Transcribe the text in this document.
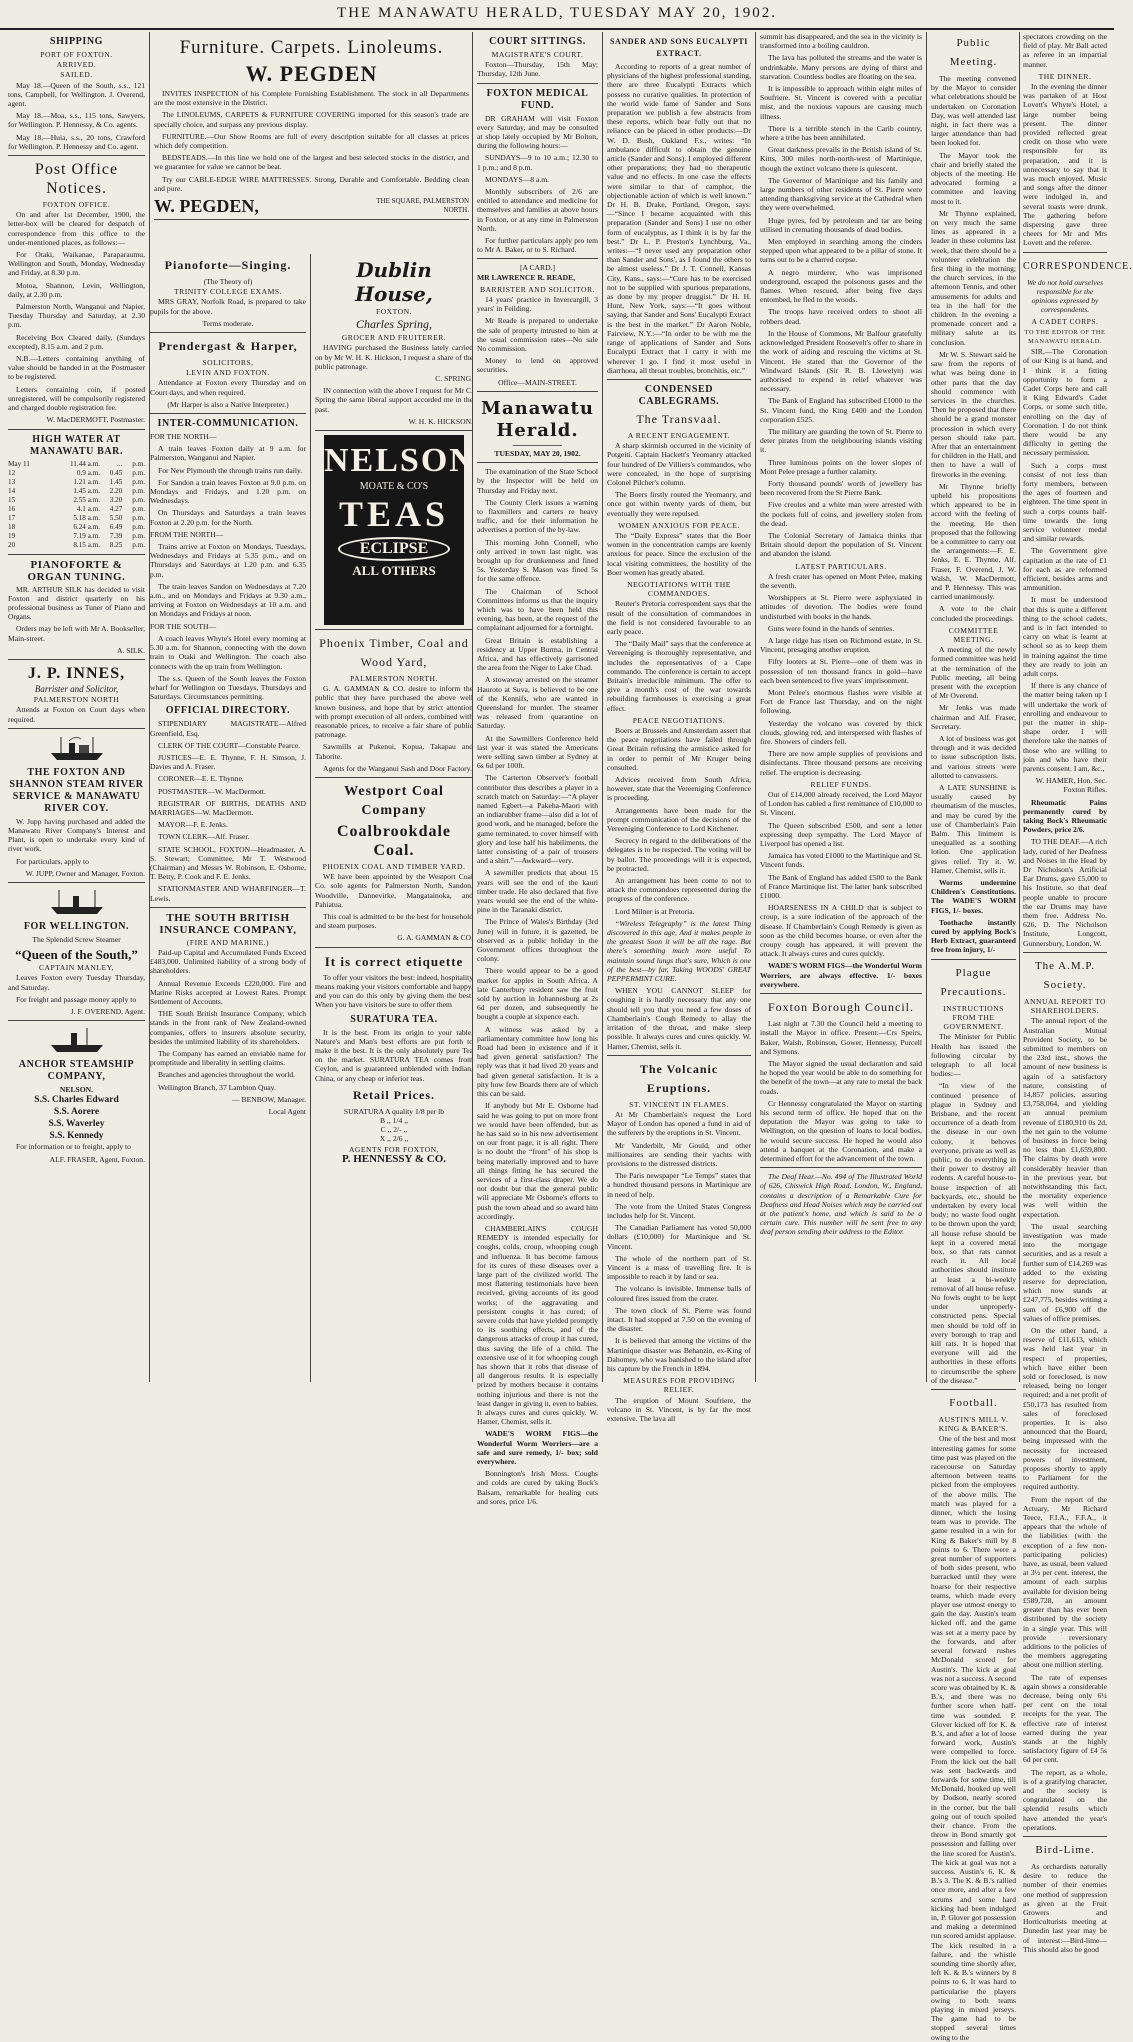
THE MANAWATU HERALD, TUESDAY MAY 20, 1902.
SHIPPING
PORT OF FOXTON.
ARRIVED.
SAILED.

May 18.—Queen of the South, s.s., 121 tons, Campbell, for Wellington. J. Overend, agent.

May 18.—Moa, s.s., 115 tons, Sawyers, for Wellington. P. Hennessy, & Co. agents.

May 18.—Huia, s.s., 20 tons, Crawford for Wellington. P. Hennessy and Co. agent.

Post Office Notices.
FOXTON OFFICE.

On and after 1st December, 1900, the letter-box will be cleared for despatch of correspondence from this office to the under-mentioned places, as follows:—

For Otaki, Waikanae, Paraparaumu, Wellington and South, Monday, Wednesday and Friday, at 8.30 p.m.

Motoa, Shannon, Levin, Wellington, daily, at 2.30 p.m.

Palmerston North, Wanganui and Napier, Tuesday Thursday and Saturday, at 2.30 p.m.

Receiving Box Cleared daily, (Sundays excepted), 8.15 a.m. and 2 p.m.

N.B.—Letters containing anything of value should be handed in at the Postmaster to be registered.

Letters containing coin, if posted unregistered, will be compulsorily registered and charged double registration fee.

W. MacDERMOTT, Postmaster.

HIGH WATER AT MANAWATU BAR.
May 11	11.44 a.m.	...	p.m.
12	0.9 a.m.	0.45	p.m.
13	1.21 a.m.	1.45	p.m.
14	1.45 a.m.	2.20	p.m.
15	2.55 a.m.	3.20	p.m.
16	4.1 a.m.	4.27	p.m.
17	5.18 a.m.	5.50	p.m.
18	6.24 a.m.	6.49	p.m.
19	7.19 a.m.	7.39	p.m.
20	8.15 a.m.	8.25	p.m.
PIANOFORTE & ORGAN TUNING.

MR. ARTHUR SILK has decided to visit Foxton and district quarterly on his professional business as Tuner of Piano and Organs.

Orders may be left with Mr A. Bookseller, Main-street.

A. SILK.

J. P. INNES,
Barrister and Solicitor,
PALMERSTON NORTH

Attends at Foxton on Court days when required.

THE FOXTON AND SHANNON STEAM RIVER SERVICE & MANAWATU RIVER COY.

W. Jupp having purchased and added the Manawatu River Company's Interest and Plant, is open to undertake every kind of river work.

For particulars, apply to

W. JUPP, Owner and Manager, Foxton.

FOR WELLINGTON.

The Splendid Screw Steamer

“Queen of the South,”
CAPTAIN MANLEY,

Leaves Foxton every Tuesday Thursday, and Saturday.

For freight and passage money apply to

J. F. OVEREND, Agent.

ANCHOR STEAMSHIP COMPANY,
NELSON.
S.S. Charles Edward
S.S. Aorere
S.S. Waverley
S.S. Kennedy

For information or to freight, apply to

ALF. FRASER, Agent, Foxton.

Furniture. Carpets. Linoleums.
W. PEGDEN

INVITES INSPECTION of his Complete Furnishing Establishment. The stock in all Departments are the most extensive in the District.

The LINOLEUMS, CARPETS & FURNITURE COVERING imported for this season's trade are specially choice, and surpass any previous display.

FURNITURE.—Our Show Rooms are full of every description suitable for all classes at prices which defy competition.

BEDSTEADS.—In this line we hold one of the largest and best selected stocks in the district, and we guarantee for value we cannot be beat.

Try our CABLE-EDGE WIRE MATTRESSES. Strong, Durable and Comfortable. Bedding clean and pure.

W. PEGDEN,	THE SQUARE, PALMERSTON NORTH.
Pianoforte—Singing.
(The Theory of)
TRINITY COLLEGE EXAMS.

MRS GRAY, Norfolk Road, is prepared to take pupils for the above.

Terms moderate.

Prendergast & Harper,
SOLICITORS,
LEVIN AND FOXTON.

Attendance at Foxton every Thursday and on Court days, and when required.

(Mr Harper is also a Native Interpreter.)

INTER-COMMUNICATION.

FOR THE NORTH—

A train leaves Foxton daily at 9 a.m. for Palmerston, Wanganui and Napier.

For New Plymouth the through trains run daily.

For Sandon a train leaves Foxton at 9.0 p.m. on Mondays and Fridays, and 1.20 p.m. on Wednesdays.

On Thursdays and Saturdays a train leaves Foxton at 2.20 p.m. for the North.

FROM THE NORTH—

Trains arrive at Foxton on Mondays, Tuesdays, Wednesdays and Fridays at 5.35 p.m., and on Thursdays and Saturdays at 1.20 p.m. and 6.35 p.m.

The train leaves Sandon on Wednesdays at 7.20 a.m., and on Mondays and Fridays at 9.30 a.m., arriving at Foxton on Wednesdays at 10 a.m. and on Mondays and Fridays at noon.

FOR THE SOUTH—

A coach leaves Whyte's Hotel every morning at 5.30 a.m. for Shannon, connecting with the down train to Otaki and Wellington. The coach also connects with the up train from Wellington.

The s.s. Queen of the South leaves the Foxton wharf for Wellington on Tuesdays, Thursdays and Saturdays. Circumstances permitting.

OFFICIAL DIRECTORY.

STIPENDIARY MAGISTRATE—Alfred Greenfield, Esq.

CLERK OF THE COURT—Constable Pearce.

JUSTICES—E. E. Thynne, F. H. Simson, J. Davies and A. Fraser.

CORONER—E. E. Thynne.

POSTMASTER—W. MacDermott.

REGISTRAR OF BIRTHS, DEATHS AND MARRIAGES—W. MacDermott.

MAYOR—F. E. Jenks.

TOWN CLERK—Alf. Fraser.

STATE SCHOOL, FOXTON—Headmaster, A. S. Stewart; Committee, Mr T. Westwood (Chairman) and Messrs W. Robinson, E. Osborne, T. Betty, P. Cook and F. E. Jenks.

STATIONMASTER AND WHARFINGER—T. Lewis.

THE SOUTH BRITISH INSURANCE COMPANY,
(FIRE AND MARINE.)

Paid-up Capital and Accumulated Funds Exceed £483,000. Unlimited liability of a strong body of shareholders.

Annual Revenue Exceeds £220,000. Fire and Marine Risks accepted at Lowest Rates. Prompt Settlement of Accounts.

THE South British Insurance Company, which stands in the front rank of New Zealand-owned companies, offers to insurers absolute security, besides the unlimited liability of its shareholders.

The Company has earned an enviable name for promptitude and liberality in settling claims.

Branches and agencies throughout the world.

Wellington Branch, 37 Lambton Quay.

— BENBOW, Manager.

Local Agent

Dublin House,
FOXTON.
Charles Spring,
GROCER AND FRUITERER.

HAVING purchased the Business lately carried on by Mr W. H. K. Hickson, I request a share of the public patronage.

C. SPRING.

IN connection with the above I request for Mr C. Spring the same liberal support accorded me in the past.

W. H. K. HICKSON.

NELSON
MOATE & CO'S
TEAS
ECLIPSE
ALL OTHERS
Phoenix Timber, Coal and Wood Yard,
PALMERSTON NORTH.

G. A. GAMMAN & CO. desire to inform the public that they have purchased the above well known business, and hope that by strict attention with prompt execution of all orders, combined with reasonable prices, to receive a fair share of public patronage.

Sawmills at Pukenui, Kopua, Takapau and Taborite.

Agents for the Wanganui Sash and Door Factory.

Westport Coal Company
Coalbrookdale Coal.
PHOENIX COAL AND TIMBER YARD.

WE have been appointed by the Westport Coal Co. sole agents for Palmerston North, Sandon, Woodville, Dannevirke, Mangatainoka, and Pahiatua.

This coal is admitted to be the best for household and steam purposes.

G. A. GAMMAN & CO.

It is correct etiquette

To offer your visitors the best: indeed, hospitality means making your visitors comfortable and happy, and you can do this only by giving them the best. When you have visitors be sure to offer them

SURATURA TEA.

It is the best. From its origin to your table, Nature's and Man's best efforts are put forth to make it the best. It is the only absolutely pure Tea on the market. SURATURA TEA comes from Ceylon, and is guaranteed unblended with Indian, China, or any cheap or inferior teas.

Retail Prices.
SURATURA A quality 1/8 per lb
B ,, 1/4 ,,
C ,, 2/- ,,
X ,, 2/6 ,,
AGENTS FOR FOXTON,
P. HENNESSY & CO.
COURT SITTINGS.
MAGISTRATE'S COURT.

Foxton—Thursday, 15th May; Thursday, 12th June.

FOXTON MEDICAL FUND.

DR GRAHAM will visit Foxton every Saturday, and may be consulted at shop lately occupied by Mr Bolton, during the following hours:—

SUNDAYS—9 to 10 a.m.; 12.30 to 1 p.m.; and 8 p.m.

MONDAYS—8 a.m.

Monthly subscribers of 2/6 are entitled to attendance and medicine for themselves and families at above hours in Foxton, or at any time in Palmerston North.

For further particulars apply pro tem to Mr A. Baker, or to S. Richard.

[A CARD.]

MR LAWRENCE R. READE,

BARRISTER AND SOLICITOR.

14 years' practice in Invercargill, 3 years' in Feilding.

Mr Reade is prepared to undertake the sale of property intrusted to him at the usual commission rates—No sale No commission.

Money to lend on approved securities.

Office—MAIN-STREET.

Manawatu Herald.
TUESDAY, MAY 20, 1902.

The examination of the State School by the Inspector will be held on Thursday and Friday next.

The County Clerk issues a warning to flaxmillers and carters re heavy traffic, and for their information he advertises a portion of the by-law.

This morning John Connell, who only arrived in town last night, was brought up for drunkenness and fined 5s. Yesterday S. Mason was fined 5s for the same offence.

The Chairman of School Committees informs us that the inquiry which was to have been held this evening, has been, at the request of the complainant adjourned for a fortnight.

Great Britain is establishing a residency at Upper Burma, in Central Africa, and has effectively garrisoned the area from the Niger to Lake Chad.

A stowaway arrested on the steamer Hauroto at Suva, is believed to be one of the Kennifs, who are wanted in Queensland for murder. The steamer was released from quarantine on Saturday.

At the Sawmillers Conference held last year it was stated the Americans were selling sawn timber at Sydney at 6s 6d per 100ft.

The Carterton Observer's football contributor thus describes a player in a scratch match on Saturday:—“A player named Egbert—a Pakeha-Maori with an indiarubber frame—also did a lot of good work, and he managed, before the game terminated, to cover himself with glory and lose half his habiliments, the latter consisting of a pair of trousers and a shirt.”—Awkward—very.

A sawmiller predicts that about 15 years will see the end of the kauri timber trade. He also declared that five years would see the end of the white-pine in the Taranaki district.

The Prince of Wales's Birthday (3rd June) will in future, it is gazetted, be observed as a public holiday in the Government offices throughout the colony.

There would appear to be a good market for apples in South Africa. A late Canterbury resident saw the fruit sold by auction in Johannesburg at 2s 6d per dozen, and subsequently he bought a couple at sixpence each.

A witness was asked by a parliamentary committee how long his Road had been in existence and if it had given general satisfaction? The reply was that it had lived 20 years and had given general satisfaction. It is a pity how few Boards there are of which this can be said.

If anybody but Mr E. Osborne had said he was going to put on more front we would have been offended, but as he has said so in his new advertisement on our front page, it is all right. There is no doubt the “front” of his shop is being materially improved and to have all things fitting he has secured the services of a first-class draper. We do not doubt but that the general public will appreciate Mr Osborne's efforts to push the town ahead and so award him accordingly.

CHAMBERLAIN'S COUGH REMEDY is intended especially for coughs, colds, croup, whooping cough and influenza. It has become famous for its cures of these diseases over a large part of the civilized world. The most flattering testimonials have been received, giving accounts of its good works; of the aggravating and persistent coughs it has cured; of severe colds that have yielded promptly to its soothing effects, and of the dangerous attacks of croup it has cured, thus saving the life of a child. The extensive use of it for whooping cough has shown that it robs that disease of all dangerous results. It is especially prized by mothers because it contains nothing injurious and there is not the least danger in giving it, even to babies. It always cures and cures quickly. W. Hamer, Chemist, sells it.

WADE'S WORM FIGS—the Wonderful Worm Worriers—are a safe and sure remedy, 1/- box; sold everywhere.

Bonnington's Irish Moss. Coughs and colds are cured by taking Bock's Balsam, remarkable for healing cuts and sores, price 1/6.

SANDER AND SONS EUCALYPTI EXTRACT.

According to reports of a great number of physicians of the highest professional standing, there are three Eucalypti Extracts which possess no curative qualities. In protection of the world wide fame of Sander and Sons preparation we publish a few abstracts from these reports, which bear fully out that no reliance can be placed in other products:—Dr W. D. Bush, Oakland F.s., writes: “In ambulance difficult to obtain the genuine article (Sander and Sons). I employed different other preparations; they had no therapeutic value and no effects. In one case the effects were similar to that of camphor, the objectionable action of which is well known.” Dr H. B. Drake, Portland, Oregon, says:—“Since I became acquainted with this preparation (Sander and Sons) I use no other form of eucalyptus, as I think it is by far the best.” Dr L. P. Preston's Lynchburg, Va., writes:—“I never used any preparation other than Sander and Sons', as I found the others to be almost useless.” Dr J. T. Connell, Kansas City, Kans., says:—“Cure has to be exercised not to be supplied with spurious preparations, as done by my proper druggist.” Dr H. H. Hunt, New York, says:—“It goes without saying, that Sander and Sons' Eucalypti Extract is the best in the market.” Dr Aaron Noble, Fairview, N.Y.:—“In order to be with me the range of applications of Sander and Sons Eucalypti Extract that I carry it with me wherever I go. I find it most useful in diarrhoea, all throat troubles, bronchitis, etc.”

CONDENSED CABLEGRAMS.
The Transvaal.
A RECENT ENGAGEMENT.

A sharp skirmish occurred in the vicinity of Potgeiti. Captain Hackett's Yeomanry attacked four hundred of De Villiers's commandos, who were concealed, in the hope of surprising Colonel Pilcher's column.

The Boers firstly routed the Yeomanry, and once got within twenty yards of them, but eventually they were repulsed.

WOMEN ANXIOUS FOR PEACE.

The “Daily Express” states that the Boer women in the concentration camps are keenly anxious for peace. Since the exclusion of the local visiting committees, the hostility of the Boer women has greatly abated.

NEGOTIATIONS WITH THE COMMANDOES.

Reuter's Pretoria correspondent says that the result of the consultation of commandoes in the field is not considered favourable to an early peace.

The “Daily Mail” says that the conference at Vereeniging is thoroughly representative, and includes the representatives of a Cape commando. The conference is certain to accept Britain's irreducible minimum. The offer to give a month's cost of the war towards rebuilding farmhouses is exercising a great effect.

PEACE NEGOTIATIONS.

Boers at Brussels and Amsterdam assert that the peace negotiations have failed through Great Britain refusing the armistice asked for in order to permit of Mr Kruger being consulted.

Advices received from South Africa, however, state that the Vereeniging Conference is proceeding.

Arrangements have been made for the prompt communication of the decisions of the Vereeniging Conference to Lord Kitchener.

Secrecy in regard to the deliberations of the delegates is to be respected. The voting will be by ballot. The proceedings will it is expected, be protracted.

An arrangement has been come to not to attack the commandoes represented during the progress of the conference.

Lord Milner is at Pretoria.

“Wireless Telegraphy” is the latest Thing discovered in this age, And it makes people in the greatest Soon it will be all the rage. But there's something much more useful To maintain sound lungs that's sure, Which is one of the best—by far, Taking WOODS' GREAT PEPPERMINT CURE.

WHEN YOU CANNOT SLEEP for coughing it is hardly necessary that any one should tell you that you need a few doses of Chamberlain's Cough Remedy to allay the irritation of the throat, and make sleep possible. It always cures and cures quickly. W. Hamer, Chemist, sells it.

The Volcanic Eruptions.
ST. VINCENT IN FLAMES.

At Mr Chamberlain's request the Lord Mayor of London has opened a fund in aid of the sufferers by the eruptions in St. Vincent.

Mr Vanderbilt, Mr Gould, and other millionaires are sending their yachts with provisions to the distressed districts.

The Paris newspaper “Le Temps” states that a hundred thousand persons in Martinique are in need of help.

The vote from the United States Congress includes help for St. Vincent.

The Canadian Parliament has voted 50,000 dollars (£10,000) for Martinique and St. Vincent.

The whole of the northern part of St. Vincent is a mass of travelling fire. It is impossible to reach it by land or sea.

The volcano is invisible. Immense balls of coloured fires issued from the crater.

The town clock of St. Pierre was found intact. It had stopped at 7.50 on the evening of the disaster.

It is believed that among the victims of the Martinique disaster was Behanzin, ex-King of Dahomey, who was banished to the island after his capture by the French in 1894.

MEASURES FOR PROVIDING RELIEF.

The eruption of Mount Soufriere, the volcano in St. Vincent, is by far the most extensive. The lava all

summit has disappeared, and the sea in the vicinity is transformed into a boiling cauldron.

The lava has polluted the streams and the water is undrinkable. Many persons are dying of thirst and starvation. Countless bodies are floating on the sea.

It is impossible to approach within eight miles of Soufriere. St. Vincent is covered with a peculiar mist, and the noxious vapours are causing much illness.

There is a terrible stench in the Carib country, where a tribe has been annihilated.

Great darkness prevails in the British island of St. Kitts, 300 miles north-north-west of Martinique, though the extinct volcano there is quiescent.

The Governor of Martinique and his family and large numbers of other residents of St. Pierre were attending thanksgiving service at the Cathedral when they were overwhelmed.

Huge pyres, fed by petroleum and tar are being utilised in cremating thousands of dead bodies.

Men employed in searching among the cinders stepped upon what appeared to be a pillar of stone. It turns out to be a charred corpse.

A negro murderer, who was imprisoned underground, escaped the poisonous gases and the flames. When rescued, after being five days entombed, he fled to the woods.

The troops have received orders to shoot all robbers dead.

In the House of Commons, Mr Balfour gratefully acknowledged President Roosevelt's offer to share in the work of aiding and rescuing the victims at St. Vincent. He stated that the Governor of the Windward Islands (Sir R. B. Llewelyn) was authorised to expend in relief whatever was necessary.

The Bank of England has subscribed £1000 to the St. Vincent fund, the King £400 and the London corporation £525.

The military are guarding the town of St. Pierre to deter pirates from the neighbouring islands visiting it.

Three luminous points on the lower slopes of Mont Pelee presage a further calamity.

Forty thousand pounds' worth of jewellery has been recovered from the St Pierre Bank.

Five creoles and a white man were arrested with the pockets full of coins, and jewellery stolen from the dead.

The Colonial Secretary of Jamaica thinks that Britain should deport the population of St. Vincent and abandon the island.

LATEST PARTICULARS.

A fresh crater has opened on Mont Pelee, making the seventh.

Worshippers at St. Pierre were asphyxiated in attitudes of devotion. The bodies were found undisturbed with books in the hands.

Guns were found in the hands of sentries.

A large ridge has risen on Richmond estate, in St. Vincent, presaging another eruption.

Fifty looters at St. Pierre—one of them was in possession of ten thousand francs in gold—have each been sentenced to five years' imprisonment.

Mont Pelee's enormous flashes were visible at Fort de France last Thursday, and on the night following.

Yesterday the volcano was covered by thick clouds, glowing red, and interspersed with flashes of fire. Showers of cinders fell.

There are now ample supplies of provisions and disinfectants. Three thousand persons are receiving relief. The eruption is decreasing.

RELIEF FUNDS.

Out of £14,000 already received, the Lord Mayor of London has cabled a first remittance of £10,000 to St. Vincent.

The Queen subscribed £500, and sent a letter expressing deep sympathy. The Lord Mayor of Liverpool has opened a list.

Jamaica has voted £1000 to the Martinique and St. Vincent funds.

The Bank of England has added £500 to the Bank of France Martinique list. The latter bank subscribed £1000.

HOARSENESS IN A CHILD that is subject to croup, is a sure indication of the approach of the disease. If Chamberlain's Cough Remedy is given as soon as the child becomes hoarse, or even after the croupy cough has appeared, it will prevent the attack. It always cures and cures quickly.

WADE'S WORM FIGS—the Wonderful Worm Worriers, are always effective. 1/- boxes everywhere.

Foxton Borough Council.

Last night at 7.30 the Council held a meeting to install the Mayor in office. Present:—Crs Speirs, Baker, Walsh, Robinson, Gower, Hennessy, Purcell and Symons.

The Mayor signed the usual declaration and said he hoped the year would be able to do something for the benefit of the town—at any rate to metal the back roads.

Cr Hennessy congratulated the Mayor on starting his second term of office. He hoped that on the deputation the Mayor was going to take to Wellington, on the question of loans to local bodies, he would secure success. He hoped he would also attend a banquet at the Coronation, and make a determined effort for the advancement of the town.

The Deaf Hear.—No. 494 of The Illustrated World of 626, Chiswick High Road, London, W., England, contains a description of a Remarkable Cure for Deafness and Head Noises which may be carried out at the patient's home, and which is said to be a certain cure. This number will be sent free to any deaf person sending their address to the Editor.

Public Meeting.

The meeting convened by the Mayor to consider what celebrations should be undertaken on Coronation Day, was well attended last night, in fact there was a larger attendance than had been looked for.

The Mayor took the chair and briefly stated the objects of the meeting. He advocated forming a committee and leaving most to it.

Mr Thynne explained, on very much the same lines as appeared in a leader in these columns last week, that there should be a volunteer celebration the first thing in the morning; the church services, in the afternoon Tennis, and other amusements for adults and tea in the hall for the children. In the evening a promenade concert and a military salute at its conclusion.

Mr W. S. Stewart said he saw from the reports of what was being done in other parts that the day should commence with services in the churches. Then he proposed that there should be a grand monster procession in which every person should take part. After that an entertainment for children in the Hall, and then to have a wall of fireworks in the evening.

Mr Thynne briefly upheld his propositions which appeared to be in accord with the feeling of the meeting. He then proposed that the following be a committee to carry out the arrangements:—F. E. Jenks, E. E. Thynne, Alf. Fraser, F. Overend, J. W. Walsh, W. MacDermott, and P. Hennessy. This was carried unanimously.

A vote to the chair concluded the proceedings.

COMMITTEE MEETING.

A meeting of the newly formed committee was held at the termination of the Public meeting, all being present with the exception of Mr Overend.

Mr Jenks was made chairman and Alf. Fraser, Secretary.

A lot of business was got through and it was decided to issue subscription lists, and various streets were allotted to canvassers.

A LATE SUNSHINE is usually caused by rheumatism of the muscles, and may be cured by the use of Chamberlain's Pain Balm. This liniment is unequalled as a soothing lotion. One application gives relief. Try it. W. Hamer, Chemist, sells it.

Worms undermine Children's Constitutions. The WADE'S WORM FIGS, 1/- boxes.

Toothache instantly cured by applying Bock's Herb Extract, guaranteed free from injury, 1/-

Plague Precautions.
INSTRUCTIONS FROM THE GOVERNMENT.

The Minister for Public Health has issued the following circular by telegraph to all local bodies:—

“In view of the continued presence of plague in Sydney and Brisbane, and the recent occurrence of a death from the disease in our own colony, it behoves everyone, private as well as public, to do everything in their power to destroy all rodents. A careful house-to-house inspection of all backyards, etc., should be undertaken by every local body; no waste food ought to be thrown upon the yard; all house refuse should be kept in a covered metal box, so that rats cannot reach it. All local authorities should institute at least a bi-weekly removal of all house refuse. No fowls ought to be kept under unproperly-constructed pens. Special men should be told off in every borough to trap and kill rats. It is hoped that everyone will aid the authorities in these efforts to circumscribe the sphere of the disease.”

Football.
AUSTIN'S MILL V. KING & BAKER'S.

One of the best and most interesting games for some time past was played on the racecourse on Saturday afternoon between teams picked from the employees of the above mills. The match was played for a dinner, which the losing team was to provide. The game resulted in a win for King & Baker's mill by 8 points to 6. There were a great number of supporters of both sides present, who barracked until they were hoarse for their respective teams, which made every player use utmost energy to gain the day. Austin's team kicked off, and the game was set at a merry pace by the forwards, and after several forward rushes McDonald scored for Austin's. The kick at goal was not a success. A second score was obtained by K. & B.'s, and there was no further score when half-time was sounded. P. Glover kicked off for K. & B.'s, and after a lot of loose forward work, Austin's were compelled to force. From the kick out the ball was sent backwards and forwards for some time, till McDonald, hooked up well by Dodson, nearly scored in the corner, but the ball going out of touch spoiled their chance. From the throw in Bond smartly got possession and falling over the line scored for Austin's. The kick at goal was not a success. Austin's 6, K. & B.'s 3. The K. & B.'s rallied once more, and after a few scrums and some hard kicking had been indulged in, P. Glover got possession and making a determined run scored amidst applause. The kick resulted in a failure, and the whistle sounding time shortly after, left K. & B.'s winners by 8 points to 6. It was hard to particularise the players owing to both teams playing in mixed jerseys. The game had to be stopped several times owing to the

spectators crowding on the field of play. Mr Ball acted as referee in an impartial manner.

THE DINNER.

In the evening the dinner was partaken of at Host Lovett's Whyte's Hotel, a large number being present. The dinner provided reflected great credit on those who were responsible for its preparation, and it is unnecessary to say that it was much enjoyed. Music and songs after the dinner were indulged in, and several toasts were drunk. The gathering before dispersing gave three cheers for Mr and Mrs Lovett and the referee.

CORRESPONDENCE.

We do not hold ourselves responsible for the opinions expressed by correspondents.

A CADET CORPS.
TO THE EDITOR OF THE MANAWATU HERALD.

SIR,—The Coronation of our King is at hand, and I think it a fitting opportunity to form a Cadet Corps here and call it King Edward's Cadet Corps, or some such title, enrolling on the day of Coronation. I do not think there would be any difficulty in getting the necessary permission.

Such a corps must consist of not less than forty members, between the ages of fourteen and eighteen. The time spent in such a corps counts half-time towards the long service volunteer medal and similar rewards.

The Government give capitation at the rate of £1 for each as are reformed efficient, besides arms and ammunition.

It must be understood that this is quite a different thing to the school cadets, and is in fact intended to carry on what is learnt at school so as to keep them in training against the time they are ready to join an adult corps.

If there is any chance of the matter being taken up I will undertake the work of enrolling and endeavour to put the matter in ship-shape order. I will therefore take the names of those who are willing to join and who have their parents consent. I am, &c.,

W. HAMER, Hon. Sec. Foxton Rifles.

Rheumatic Pains permanently cured by taking Bock's Rheumatic Powders, price 2/6.

TO THE DEAF.—A rich lady, cured of her Deafness and Noises in the Head by Dr Nicholson's Artificial Ear Drums, gave £5,000 to his Institute, so that deaf people unable to procure the ear Drums may have them free. Address No. 626, D. The Nicholson Institute, Longcott, Gunnersbury, London, W.

The A.M.P. Society.
ANNUAL REPORT TO SHAREHOLDERS.

The annual report of the Australian Mutual Provident Society, to be submitted to members on the 23rd inst., shows the amount of new business is again of a satisfactory nature, consisting of 14,857 policies, assuring £3,758,064, and yielding an annual premium revenue of £180,910 0s 2d, the net gain to the volume of business in force being no less than £1,659,800. The claims by death were considerably heavier than in the previous year, but notwithstanding this fact, the mortality experience was well within the expectation.

The usual searching investigation was made into the mortgage securities, and as a result a further sum of £14,269 was added to the existing reserve for depreciation, which now stands at £247,775, besides writing a sum of £6,900 off the values of office premises.

On the other hand, a reserve of £11,613, which was held last year in respect of properties, which have either been sold or foreclosed, is now released, being no longer required; and a net profit of £50,173 has resulted from sales of foreclosed properties. It is also announced that the Board, being impressed with the necessity for increased powers of investment, proposes shortly to apply to Parliament for the required authority.

From the report of the Actuary, Mr Richard Teece, F.I.A., F.F.A., it appears that the whole of the liabilities (with the exception of a few non-participating policies) have, as usual, been valued at 3½ per cent. interest, the amount of each surplus available for division being £589,728, an amount greater than has ever been distributed by the society in a single year. This will provide reversionary additions to the policies of the members aggregating about one million sterling.

The rate of expenses again shows a considerable decrease, being only 6¼ per cent on the total receipts for the year. The effective rate of interest earned during the year stands at the highly satisfactory figure of £4 5s 6d per cent.

The report, as a whole, is of a gratifying character, and the society is congratulated on the splendid results which have attended the year's operations.

Bird-Lime.

As orchardists naturally desire to reduce the number of their enemies one method of suppression as given at the Fruit Growers and Horticulturists meeting at Dunedin last year may be of interest:—Bird-lime—This should also be good
